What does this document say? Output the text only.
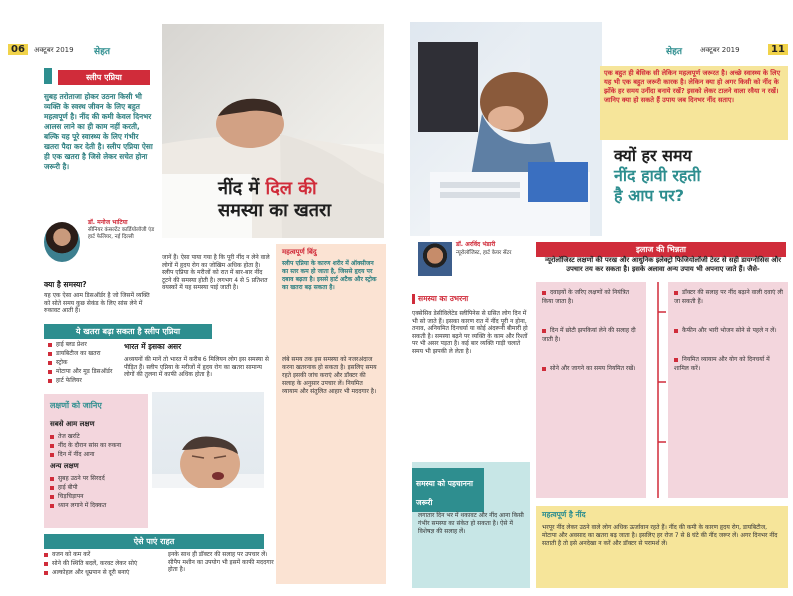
06	अक्टूबर 2019 सेहत
स्लीप एप्निया
सुबह तरोताजा होकर उठना किसी भी व्यक्ति के स्वस्थ जीवन के लिए बहुत महत्वपूर्ण है। नींद की कमी केवल दिनभर आलस लाने का ही काम नहीं करती, बल्कि यह पूरे स्वास्थ्य के लिए गंभीर खतरा पैदा कर देती है। स्लीप एप्निया ऐसा ही एक खतरा है जिसे लेकर सचेत होना जरूरी है।
डॉ. मनोज भाटिया
सीनियर कंसल्टेंट कार्डियोलॉजी एंड हार्ट फेलियर, नई दिल्ली
क्या है समस्या?
यह एक ऐसा आम डिसऑर्डर है जो जिसमें व्यक्ति को सोते समय कुछ सेकंड के लिए सांस लेने में रुकावट आती है।
ये खतरा बढ़ा सकता है स्लीप एप्निया
हाई ब्लड प्रेशर
डायबिटीज का खतरा
स्ट्रोक
मोटापा और मूड डिसऑर्डर
हार्ट फेलियर
भारत में इसका असर
अध्ययनों की मानें तो भारत में करीब 6 मिलियन लोग इस समस्या से पीड़ित हैं। स्लीप एप्निया के मरीजों में हृदय रोग का खतरा सामान्य लोगों की तुलना में काफी अधिक होता है।
लक्षणों को जानिए
सबसे आम लक्षण
तेज खर्राटे
नींद के दौरान सांस का रुकना
दिन में नींद आना
अन्य लक्षण
सुबह उठने पर सिरदर्द
हाई बीपी
चिड़चिड़ापन
ध्यान लगाने में दिक्कत
ऐसे पाएं राहत
वजन को कम करें
सोने की स्थिति बदलें, करवट लेकर सोएं
अल्कोहल और धूम्रपान से दूरी बनाएं
इनके साथ ही डॉक्टर की सलाह पर उपचार लें। सीपैप मशीन का उपयोग भी इसमें काफी मददगार होता है।
नींद में दिल की
समस्या का खतरा
जानें हैं। ऐसा पाया गया है कि पूरी नींद न लेने वाले लोगों में हृदय रोग का जोखिम अधिक होता है। स्लीप एप्निया के मरीजों को रात में बार-बार नींद टूटने की समस्या होती है। लगभग 4 से 5 प्रतिशत वयस्कों में यह समस्या पाई जाती है।
महत्वपूर्ण बिंदु
स्लीप एप्निया के कारण शरीर में ऑक्सीजन का स्तर कम हो जाता है, जिससे हृदय पर दबाव बढ़ता है। इससे हार्ट अटैक और स्ट्रोक का खतरा बढ़ सकता है।
लंबे समय तक इस समस्या को नजरअंदाज करना खतरनाक हो सकता है। इसलिए समय रहते इसकी जांच कराएं और डॉक्टर की सलाह के अनुसार उपचार लें। नियमित व्यायाम और संतुलित आहार भी मददगार है।
सेहत	अक्टूबर 2019	11
एक बहुत ही बेसिक सी लेकिन महत्वपूर्ण जरूरत है। अच्छे स्वास्थ्य के लिए यह भी एक बहुत जरूरी कारक है। लेकिन क्या हो अगर किसी को नींद के झोंके हर समय उनींदा बनाये रखें? इसको लेकर टालने वाला रवैया न रखें। जानिए क्या हो सकते हैं उपाय जब दिनभर नींद सताए।
क्यों हर समय
नींद हावी रहती
है आप पर?
डॉ. अरविंद भंडारी
न्यूरोलॉजिस्ट, हार्ट केयर सेंटर	इलाज की भिन्नता
न्यूरोलॉजिस्ट लक्षणों की परख और आधुनिक इलेक्ट्रो फिजियोलॉजी टेस्ट से सही डायग्नोसिस और उपचार तय कर सकता है। इसके अलावा अन्य उपाय भी अपनाए जाते हैं। जैसे-
समस्या का उभरना
एक्सेसिव डेसीविलेटेड स्लीपिनेस से ग्रसित लोग दिन में भी सो जाते हैं। इसका कारण रात में नींद पूरी न होना, तनाव, अनियमित दिनचर्या या कोई अंदरूनी बीमारी हो सकती है। समस्या बढ़ने पर व्यक्ति के काम और रिश्तों पर भी असर पड़ता है। कई बार व्यक्ति गाड़ी चलाते समय भी झपकी ले लेता है।
समस्या को पहचानना जरूरी
लगातार दिन भर में थकावट और नींद आना किसी गंभीर समस्या का संकेत हो सकता है। ऐसे में विशेषज्ञ की सलाह लें।
दवाइयों के जरिए लक्षणों को नियंत्रित किया जाता है।
दिन में छोटी झपकियां लेने की सलाह दी जाती है।
सोने और जागने का समय नियमित रखें।
डॉक्टर की सलाह पर नींद बढ़ाने वाली दवाएं ली जा सकती हैं।
कैफीन और भारी भोजन सोने से पहले न लें।
नियमित व्यायाम और योग को दिनचर्या में शामिल करें।
महत्वपूर्ण है नींद
भरपूर नींद लेकर उठने वाले लोग अधिक ऊर्जावान रहते हैं। नींद की कमी के कारण हृदय रोग, डायबिटीज, मोटापा और अवसाद का खतरा बढ़ जाता है। इसलिए हर रोज 7 से 8 घंटे की नींद जरूर लें। अगर दिनभर नींद सताती है तो इसे अनदेखा न करें और डॉक्टर से परामर्श लें।
